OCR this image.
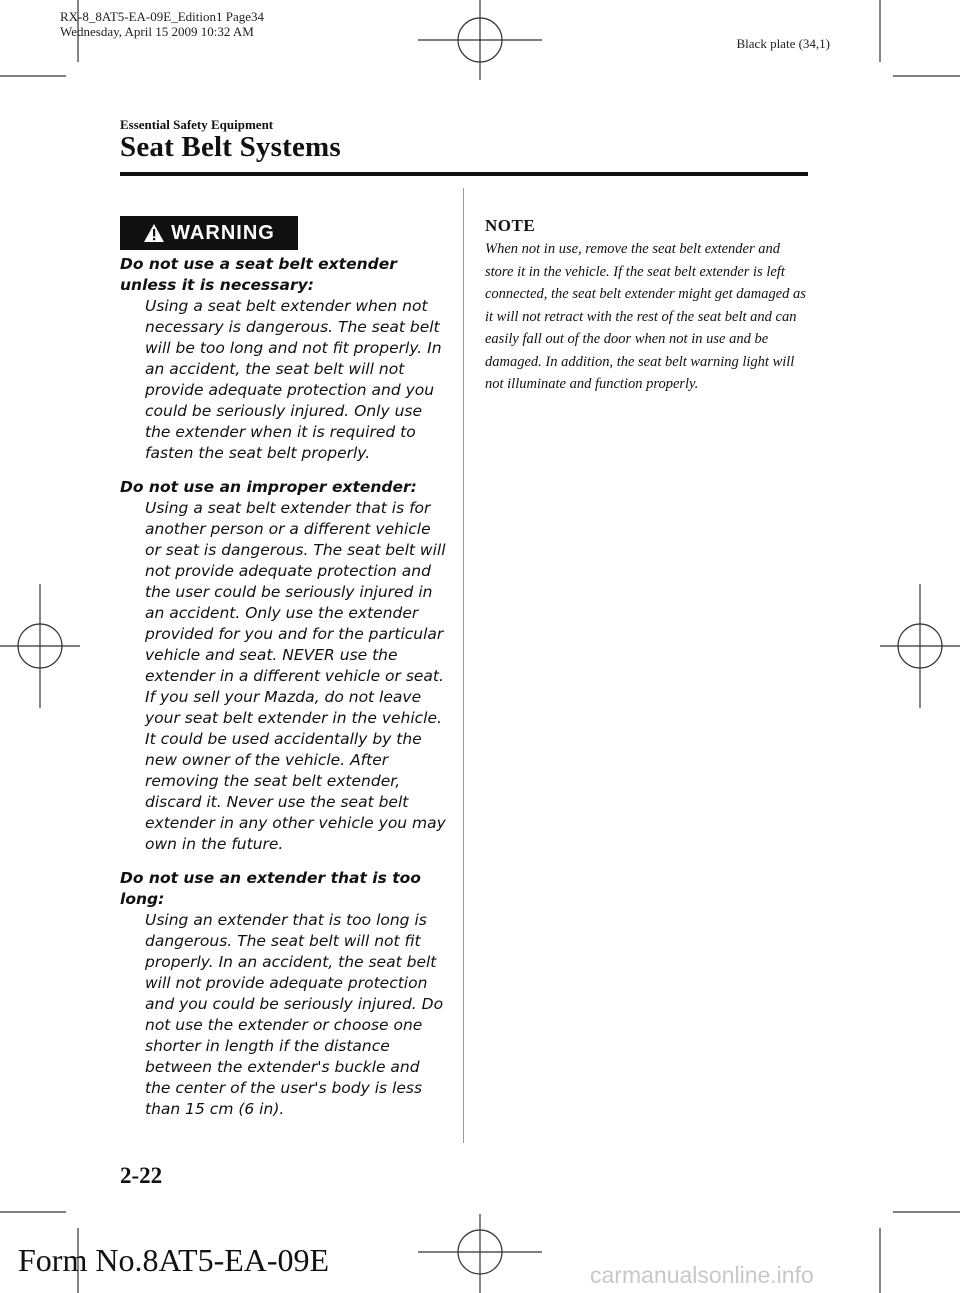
RX-8_8AT5-EA-09E_Edition1 Page34
Wednesday, April 15 2009 10:32 AM
Black plate (34,1)
Essential Safety Equipment
Seat Belt Systems
WARNING
Do not use a seat belt extender unless it is necessary:
Using a seat belt extender when not necessary is dangerous. The seat belt will be too long and not fit properly. In an accident, the seat belt will not provide adequate protection and you could be seriously injured. Only use the extender when it is required to fasten the seat belt properly.
Do not use an improper extender:
Using a seat belt extender that is for another person or a different vehicle or seat is dangerous. The seat belt will not provide adequate protection and the user could be seriously injured in an accident. Only use the extender provided for you and for the particular vehicle and seat. NEVER use the extender in a different vehicle or seat. If you sell your Mazda, do not leave your seat belt extender in the vehicle. It could be used accidentally by the new owner of the vehicle. After removing the seat belt extender, discard it. Never use the seat belt extender in any other vehicle you may own in the future.
Do not use an extender that is too long:
Using an extender that is too long is dangerous. The seat belt will not fit properly. In an accident, the seat belt will not provide adequate protection and you could be seriously injured. Do not use the extender or choose one shorter in length if the distance between the extender's buckle and the center of the user's body is less than 15 cm (6 in).
NOTE
When not in use, remove the seat belt extender and store it in the vehicle. If the seat belt extender is left connected, the seat belt extender might get damaged as it will not retract with the rest of the seat belt and can easily fall out of the door when not in use and be damaged. In addition, the seat belt warning light will not illuminate and function properly.
2-22
Form No.8AT5-EA-09E	carmanualsonline.info
